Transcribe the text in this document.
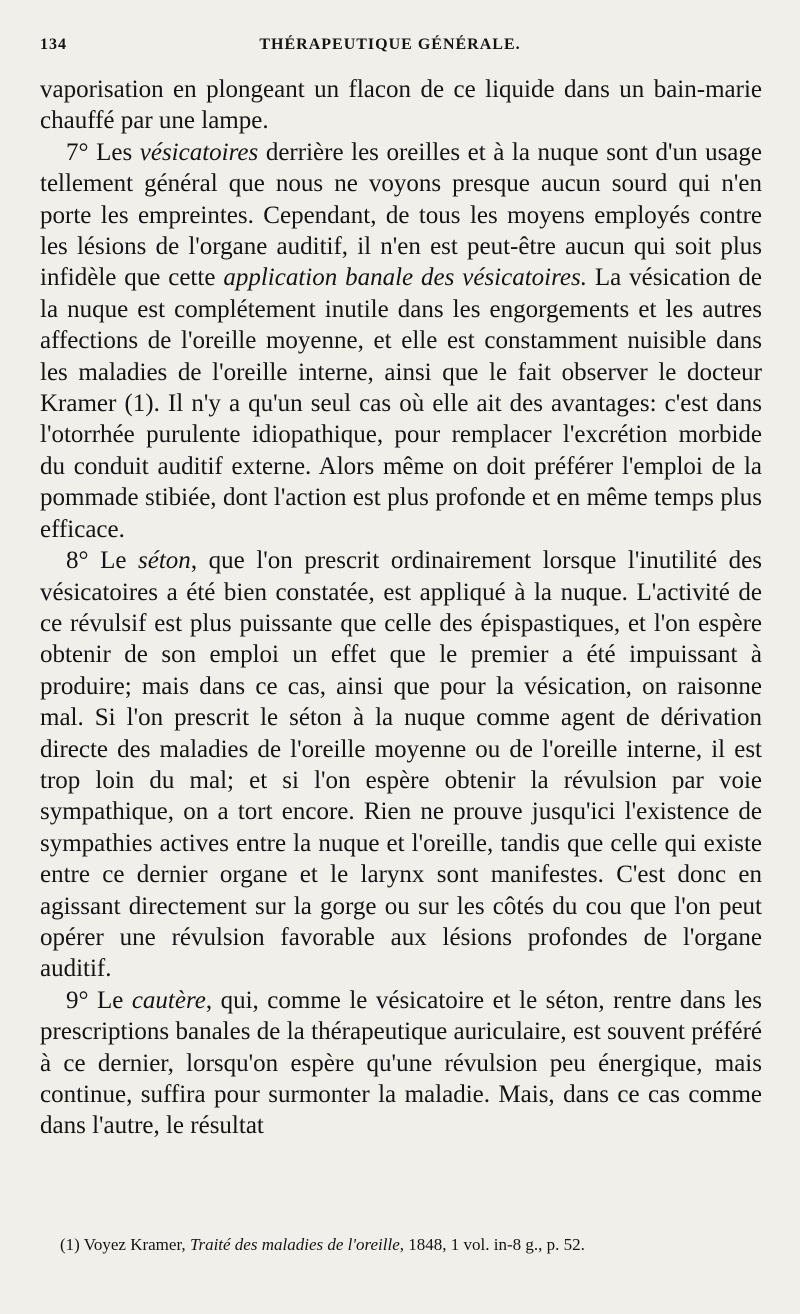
134	THÉRAPEUTIQUE GÉNÉRALE.

vaporisation en plongeant un flacon de ce liquide dans un bain-marie chauffé par une lampe.

7° Les vésicatoires derrière les oreilles et à la nuque sont d'un usage tellement général que nous ne voyons presque aucun sourd qui n'en porte les empreintes. Cependant, de tous les moyens employés contre les lésions de l'organe auditif, il n'en est peut-être aucun qui soit plus infidèle que cette application banale des vésicatoires. La vésication de la nuque est complétement inutile dans les engorgements et les autres affections de l'oreille moyenne, et elle est constamment nuisible dans les maladies de l'oreille interne, ainsi que le fait observer le docteur Kramer (1). Il n'y a qu'un seul cas où elle ait des avantages: c'est dans l'otorrhée purulente idiopathique, pour remplacer l'excrétion morbide du conduit auditif externe. Alors même on doit préférer l'emploi de la pommade stibiée, dont l'action est plus profonde et en même temps plus efficace.

8° Le séton, que l'on prescrit ordinairement lorsque l'inutilité des vésicatoires a été bien constatée, est appliqué à la nuque. L'activité de ce révulsif est plus puissante que celle des épispastiques, et l'on espère obtenir de son emploi un effet que le premier a été impuissant à produire; mais dans ce cas, ainsi que pour la vésication, on raisonne mal. Si l'on prescrit le séton à la nuque comme agent de dérivation directe des maladies de l'oreille moyenne ou de l'oreille interne, il est trop loin du mal; et si l'on espère obtenir la révulsion par voie sympathique, on a tort encore. Rien ne prouve jusqu'ici l'existence de sympathies actives entre la nuque et l'oreille, tandis que celle qui existe entre ce dernier organe et le larynx sont manifestes. C'est donc en agissant directement sur la gorge ou sur les côtés du cou que l'on peut opérer une révulsion favorable aux lésions profondes de l'organe auditif.

9° Le cautère, qui, comme le vésicatoire et le séton, rentre dans les prescriptions banales de la thérapeutique auriculaire, est souvent préféré à ce dernier, lorsqu'on espère qu'une révulsion peu énergique, mais continue, suffira pour surmonter la maladie. Mais, dans ce cas comme dans l'autre, le résultat

(1) Voyez Kramer, Traité des maladies de l'oreille, 1848, 1 vol. in-8 g., p. 52.
